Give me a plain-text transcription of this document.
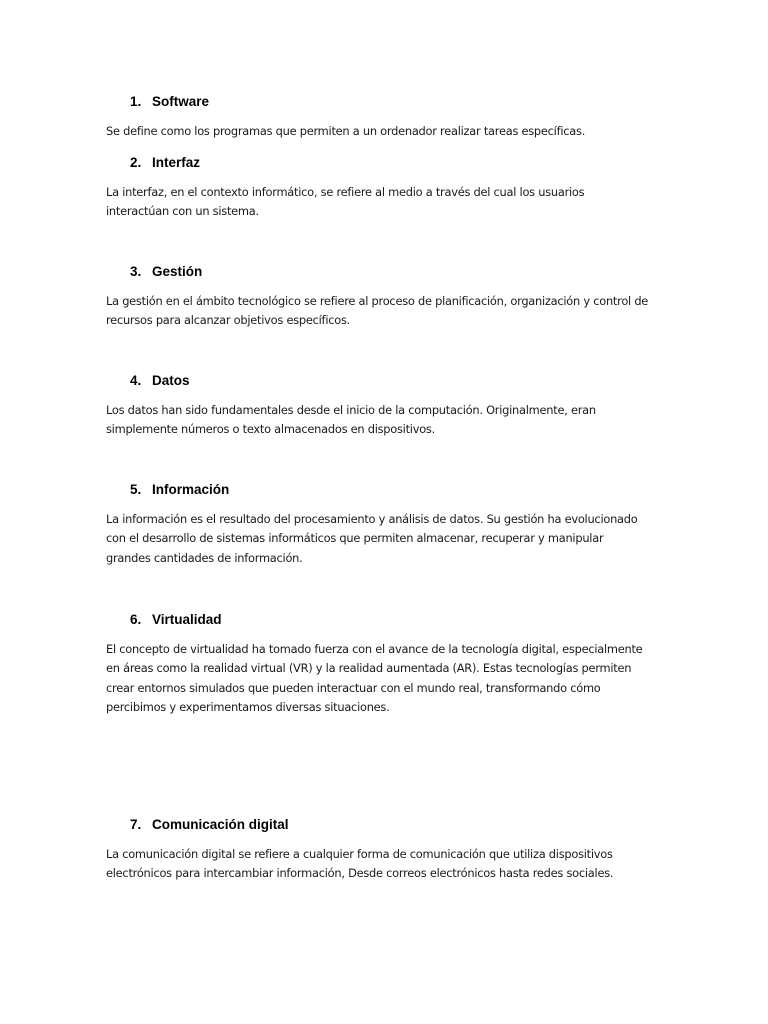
1. Software

Se define como los programas que permiten a un ordenador realizar tareas específicas.

2. Interfaz

La interfaz, en el contexto informático, se refiere al medio a través del cual los usuarios
interactúan con un sistema.

3. Gestión

La gestión en el ámbito tecnológico se refiere al proceso de planificación, organización y control de
recursos para alcanzar objetivos específicos.

4. Datos

Los datos han sido fundamentales desde el inicio de la computación. Originalmente, eran
simplemente números o texto almacenados en dispositivos.

5. Información

La información es el resultado del procesamiento y análisis de datos. Su gestión ha evolucionado
con el desarrollo de sistemas informáticos que permiten almacenar, recuperar y manipular
grandes cantidades de información.

6. Virtualidad

El concepto de virtualidad ha tomado fuerza con el avance de la tecnología digital, especialmente
en áreas como la realidad virtual (VR) y la realidad aumentada (AR). Estas tecnologías permiten
crear entornos simulados que pueden interactuar con el mundo real, transformando cómo
percibimos y experimentamos diversas situaciones.

7. Comunicación digital

La comunicación digital se refiere a cualquier forma de comunicación que utiliza dispositivos
electrónicos para intercambiar información, Desde correos electrónicos hasta redes sociales.
